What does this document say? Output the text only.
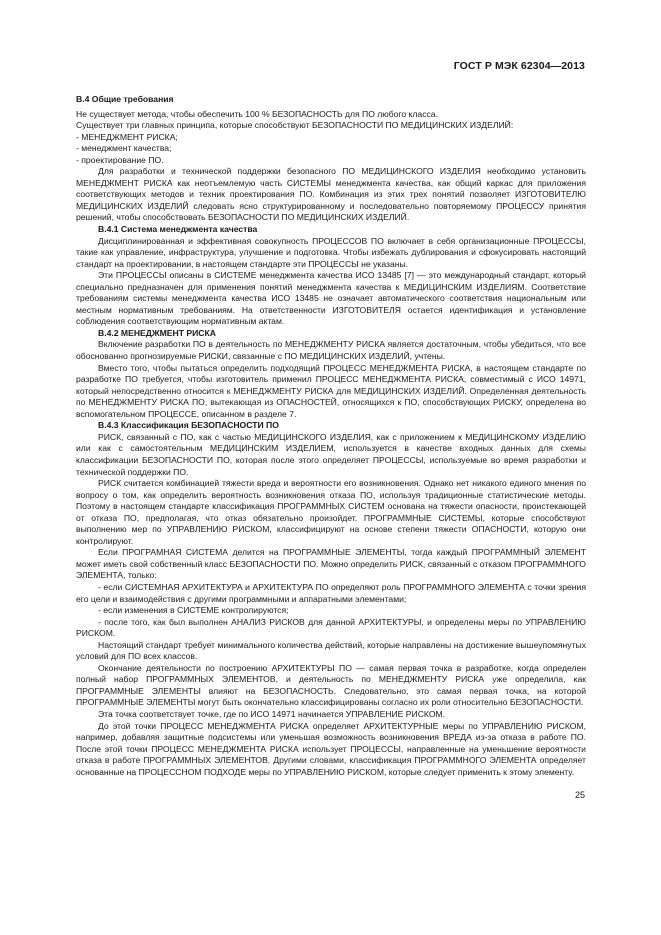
ГОСТ Р МЭК 62304—2013

B.4 Общие требования

Не существует метода, чтобы обеспечить 100 % БЕЗОПАСНОСТЬ для ПО любого класса.

Существует три главных принципа, которые способствуют БЕЗОПАСНОСТИ ПО МЕДИЦИНСКИХ ИЗДЕЛИЙ:

- МЕНЕДЖМЕНТ РИСКА;

- менеджмент качества;

- проектирование ПО.

Для разработки и технической поддержки безопасного ПО МЕДИЦИНСКОГО ИЗДЕЛИЯ необходимо установить МЕНЕДЖМЕНТ РИСКА как неотъемлемую часть СИСТЕМЫ менеджмента качества, как общий каркас для приложения соответствующих методов и техник проектирования ПО. Комбинация из этих трех понятий позволяет ИЗГОТОВИТЕЛЮ МЕДИЦИНСКИХ ИЗДЕЛИЙ следовать ясно структурированному и последовательно повторяемому ПРОЦЕССУ принятия решений, чтобы способствовать БЕЗОПАСНОСТИ ПО МЕДИЦИНСКИХ ИЗДЕЛИЙ.

B.4.1 Система менеджмента качества

Дисциплинированная и эффективная совокупность ПРОЦЕССОВ ПО включает в себя организационные ПРОЦЕССЫ, такие как управление, инфраструктура, улучшение и подготовка. Чтобы избежать дублирования и сфокусировать настоящий стандарт на проектировании, в настоящем стандарте эти ПРОЦЕССЫ не указаны.

Эти ПРОЦЕССЫ описаны в СИСТЕМЕ менеджмента качества ИСО 13485 [7] — это международный стандарт, который специально предназначен для применения понятий менеджмента качества к МЕДИЦИНСКИМ ИЗДЕЛИЯМ. Соответствие требованиям системы менеджмента качества ИСО 13485 не означает автоматического соответствия национальным или местным нормативным требованиям. На ответственности ИЗГОТОВИТЕЛЯ остается идентификация и установление соблюдения соответствующим нормативным актам.

B.4.2 МЕНЕДЖМЕНТ РИСКА

Включение разработки ПО в деятельность по МЕНЕДЖМЕНТУ РИСКА является достаточным, чтобы убедиться, что все обоснованно прогнозируемые РИСКИ, связанные с ПО МЕДИЦИНСКИХ ИЗДЕЛИЙ, учтены.

Вместо того, чтобы пытаться определить подходящий ПРОЦЕСС МЕНЕДЖМЕНТА РИСКА, в настоящем стандарте по разработке ПО требуется, чтобы изготовитель применил ПРОЦЕСС МЕНЕДЖМЕНТА РИСКА, совместимый с ИСО 14971, который непосредственно относится к МЕНЕДЖМЕНТУ РИСКА для МЕДИЦИНСКИХ ИЗДЕЛИЙ. Определенная деятельность по МЕНЕДЖМЕНТУ РИСКА ПО, вытекающая из ОПАСНОСТЕЙ, относящихся к ПО, способствующих РИСКУ, определена во вспомогательном ПРОЦЕССЕ, описанном в разделе 7.

B.4.3 Классификация БЕЗОПАСНОСТИ ПО

РИСК, связанный с ПО, как с частью МЕДИЦИНСКОГО ИЗДЕЛИЯ, как с приложением к МЕДИЦИНСКОМУ ИЗДЕЛИЮ или как с самостоятельным МЕДИЦИНСКИМ ИЗДЕЛИЕМ, используется в качестве входных данных для схемы классификации БЕЗОПАСНОСТИ ПО, которая после этого определяет ПРОЦЕССЫ, используемые во время разработки и технической поддержки ПО.

РИСК считается комбинацией тяжести вреда и вероятности его возникновения. Однако нет никакого единого мнения по вопросу о том, как определить вероятность возникновения отказа ПО, используя традиционные статистические методы. Поэтому в настоящем стандарте классификация ПРОГРАММНЫХ СИСТЕМ основана на тяжести опасности, проистекающей от отказа ПО, предполагая, что отказ обязательно произойдет. ПРОГРАММНЫЕ СИСТЕМЫ, которые способствуют выполнению мер по УПРАВЛЕНИЮ РИСКОМ, классифицируют на основе степени тяжести ОПАСНОСТИ, которую они контролируют.

Если ПРОГРАМНАЯ СИСТЕМА делится на ПРОГРАММНЫЕ ЭЛЕМЕНТЫ, тогда каждый ПРОГРАММНЫЙ ЭЛЕМЕНТ может иметь свой собственный класс БЕЗОПАСНОСТИ ПО. Можно определить РИСК, связанный с отказом ПРОГРАММНОГО ЭЛЕМЕНТА, только:

- если СИСТЕМНАЯ АРХИТЕКТУРА и АРХИТЕКТУРА ПО определяют роль ПРОГРАММНОГО ЭЛЕМЕНТА с точки зрения его цели и взаимодействия с другими программными и аппаратными элементами;

- если изменения в СИСТЕМЕ контролируются;

- после того, как был выполнен АНАЛИЗ РИСКОВ для данной АРХИТЕКТУРЫ, и определены меры по УПРАВЛЕНИЮ РИСКОМ.

Настоящий стандарт требует минимального количества действий, которые направлены на достижение вышеупомянутых условий для ПО всех классов.

Окончание деятельности по построению АРХИТЕКТУРЫ ПО — самая первая точка в разработке, когда определен полный набор ПРОГРАММНЫХ ЭЛЕМЕНТОВ, и деятельность по МЕНЕДЖМЕНТУ РИСКА уже определила, как ПРОГРАММНЫЕ ЭЛЕМЕНТЫ влияют на БЕЗОПАСНОСТЬ. Следовательно, это самая первая точка, на которой ПРОГРАММНЫЕ ЭЛЕМЕНТЫ могут быть окончательно классифицированы согласно их роли относительно БЕЗОПАСНОСТИ.

Эта точка соответствует точке, где по ИСО 14971 начинается УПРАВЛЕНИЕ РИСКОМ.

До этой точки ПРОЦЕСС МЕНЕДЖМЕНТА РИСКА определяет АРХИТЕКТУРНЫЕ меры по УПРАВЛЕНИЮ РИСКОМ, например, добавляя защитные подсистемы или уменьшая возможность возникновения ВРЕДА из-за отказа в работе ПО. После этой точки ПРОЦЕСС МЕНЕДЖМЕНТА РИСКА использует ПРОЦЕССЫ, направленные на уменьшение вероятности отказа в работе ПРОГРАММНЫХ ЭЛЕМЕНТОВ. Другими словами, классификация ПРОГРАММНОГО ЭЛЕМЕНТА определяет основанные на ПРОЦЕССНОМ ПОДХОДЕ меры по УПРАВЛЕНИЮ РИСКОМ, которые следует применить к этому элементу.

25
